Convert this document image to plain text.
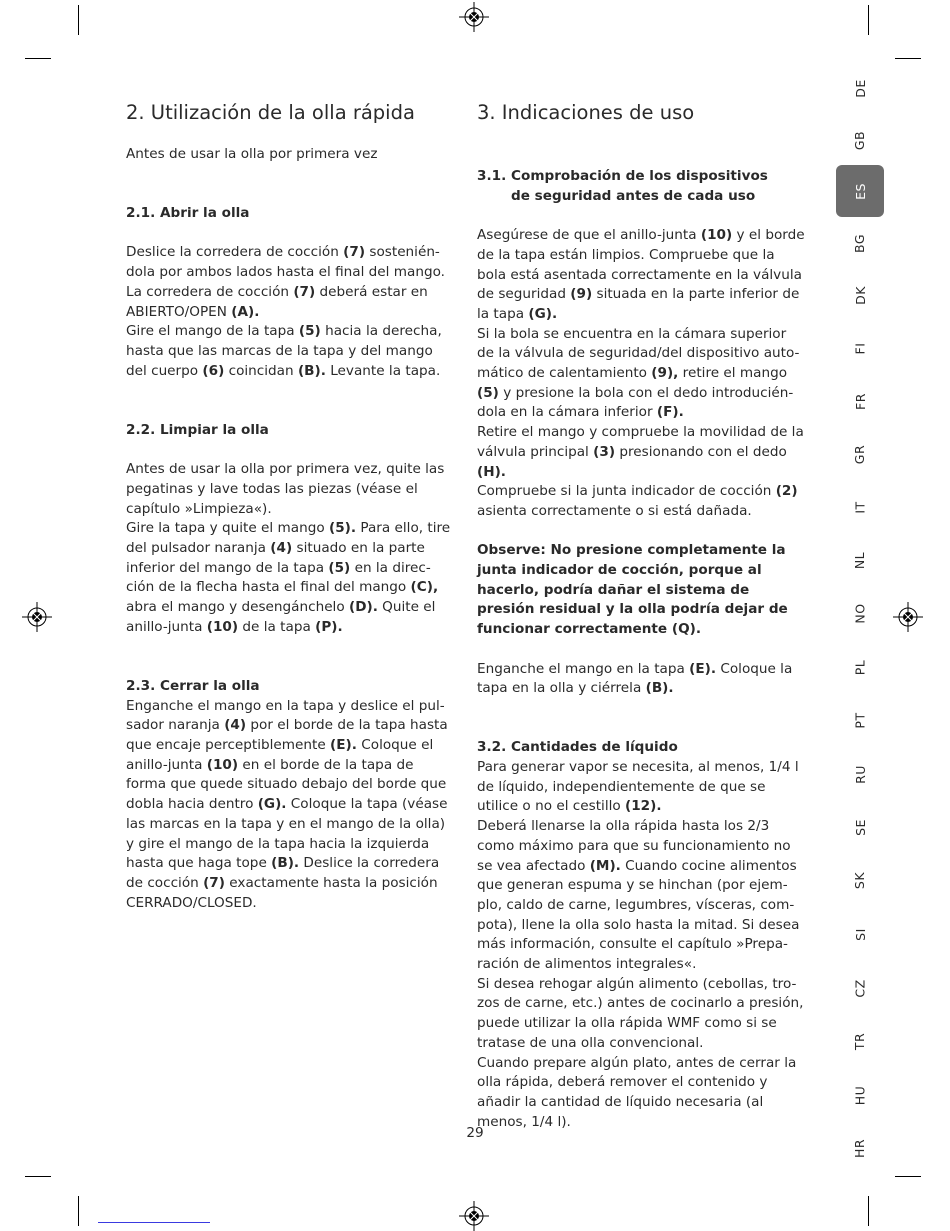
2. Utilización de la olla rápida

Antes de usar la olla por primera vez

2.1. Abrir la olla

Deslice la corredera de cocción (7) sostenién-dola por ambos lados hasta el final del mango. La corredera de cocción (7) deberá estar en ABIERTO/OPEN (A).

Gire el mango de la tapa (5) hacia la derecha, hasta que las marcas de la tapa y del mango del cuerpo (6) coincidan (B). Levante la tapa.

2.2. Limpiar la olla

Antes de usar la olla por primera vez, quite las pegatinas y lave todas las piezas (véase el capítulo »Limpieza«).

Gire la tapa y quite el mango (5). Para ello, tire del pulsador naranja (4) situado en la parte inferior del mango de la tapa (5) en la direc-ción de la flecha hasta el final del mango (C), abra el mango y desengánchelo (D). Quite el anillo-junta (10) de la tapa (P).

2.3. Cerrar la olla

Enganche el mango en la tapa y deslice el pul-sador naranja (4) por el borde de la tapa hasta que encaje perceptiblemente (E). Coloque el anillo-junta (10) en el borde de la tapa de forma que quede situado debajo del borde que dobla hacia dentro (G). Coloque la tapa (véase las marcas en la tapa y en el mango de la olla) y gire el mango de la tapa hacia la izquierda hasta que haga tope (B). Deslice la corredera de cocción (7) exactamente hasta la posición CERRADO/CLOSED.

3. Indicaciones de uso

3.1. Comprobación de los dispositivos

de seguridad antes de cada uso

Asegúrese de que el anillo-junta (10) y el borde de la tapa están limpios. Compruebe que la bola está asentada correctamente en la válvula de seguridad (9) situada en la parte inferior de la tapa (G).

Si la bola se encuentra en la cámara superior de la válvula de seguridad/del dispositivo auto-mático de calentamiento (9), retire el mango (5) y presione la bola con el dedo introducién-dola en la cámara inferior (F).

Retire el mango y compruebe la movilidad de la válvula principal (3) presionando con el dedo (H).

Compruebe si la junta indicador de cocción (2) asienta correctamente o si está dañada.

Observe: No presione completamente la junta indicador de cocción, porque al hacerlo, podría dañar el sistema de presión residual y la olla podría dejar de funcionar correctamente (Q).

Enganche el mango en la tapa (E). Coloque la tapa en la olla y ciérrela (B).

3.2. Cantidades de líquido

Para generar vapor se necesita, al menos, 1/4 l de líquido, independientemente de que se utilice o no el cestillo (12).

Deberá llenarse la olla rápida hasta los 2/3 como máximo para que su funcionamiento no se vea afectado (M). Cuando cocine alimentos que generan espuma y se hinchan (por ejem-plo, caldo de carne, legumbres, vísceras, com-pota), llene la olla solo hasta la mitad. Si desea más información, consulte el capítulo »Prepa-ración de alimentos integrales«.

Si desea rehogar algún alimento (cebollas, tro-zos de carne, etc.) antes de cocinarlo a presión, puede utilizar la olla rápida WMF como si se tratase de una olla convencional.

Cuando prepare algún plato, antes de cerrar la olla rápida, deberá remover el contenido y añadir la cantidad de líquido necesaria (al menos, 1/4 l).

DE
GB
ES
BG
DK
FI
FR
GR
IT
NL
NO
PL
PT
RU
SE
SK
SI
CZ
TR
HU
HR
29
